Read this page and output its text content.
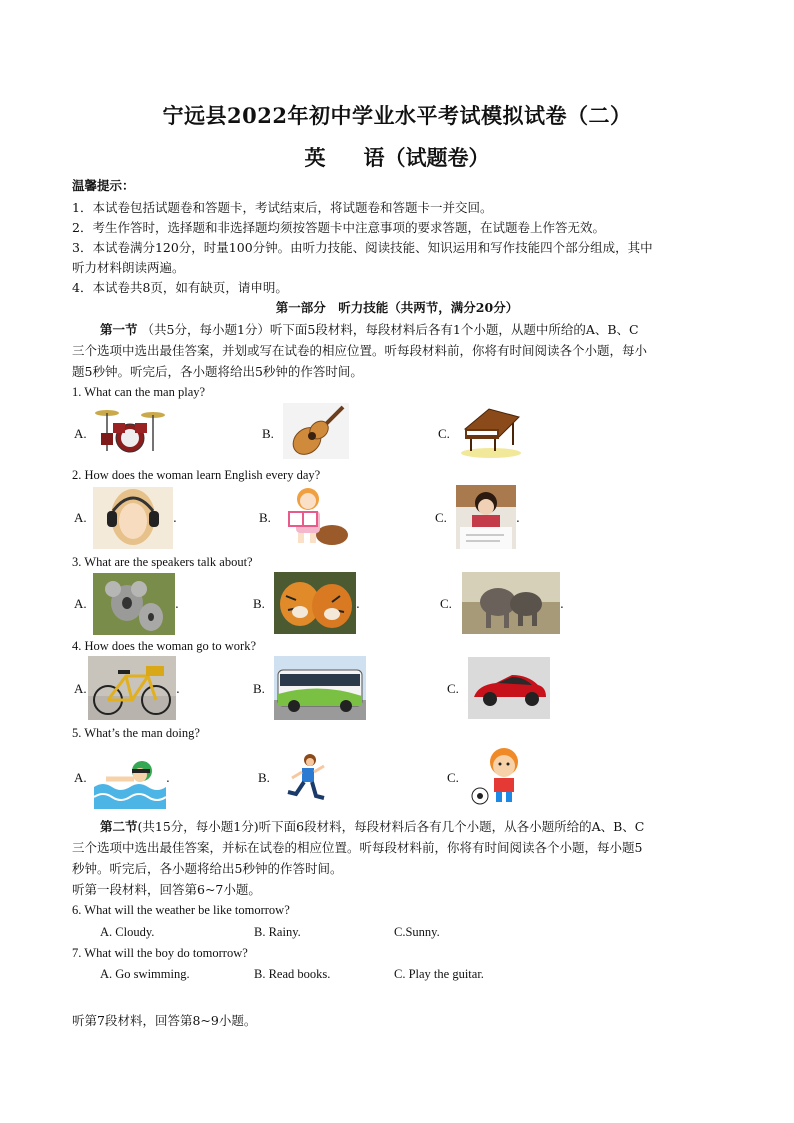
宁远县2022年初中学业水平考试模拟试卷（二）
英 语（试题卷）
温馨提示：
1．本试卷包括试题卷和答题卡，考试结束后，将试题卷和答题卡一并交回。
2．考生作答时，选择题和非选择题均须按答题卡中注意事项的要求答题，在试题卷上作答无效。
3．本试卷满分120分，时量100分钟。由听力技能、阅读技能、知识运用和写作技能四个部分组成，其中
听力材料朗读两遍。
4．本试卷共8页，如有缺页，请申明。
第一部分　听力技能（共两节，满分20分）
第一节 （共5分，每小题1分）听下面5段材料，每段材料后各有1个小题，从题中所给的A、B、C
三个选项中选出最佳答案，并划或写在试卷的相应位置。听每段材料前，你将有时间阅读各个小题，每小
题5秒钟。听完后，各小题将给出5秒钟的作答时间。
1. What can the man play?
A.	B.	C.
2. How does the woman learn English every day?
A.	.	B.	C.	.
3. What are the speakers talk about?
A.	.	B.	.	C.	.
4. How does the woman go to work?
A.	.	B.	C.
5. What’s the man doing?
A.	.	B.	C.
第二节(共15分，每小题1分)听下面6段材料，每段材料后各有几个小题，从各小题所给的A、B、C
三个选项中选出最佳答案，并标在试卷的相应位置。听每段材料前，你将有时间阅读各个小题，每小题5
秒钟。听完后，各小题将给出5秒钟的作答时间。
听第一段材料，回答第6~7小题。
6. What will the weather be like tomorrow?
A. Cloudy.	B. Rainy.	C.Sunny.
7. What will the boy do tomorrow?
A. Go swimming.	B. Read books.	C. Play the guitar.
听第7段材料，回答第8~9小题。
